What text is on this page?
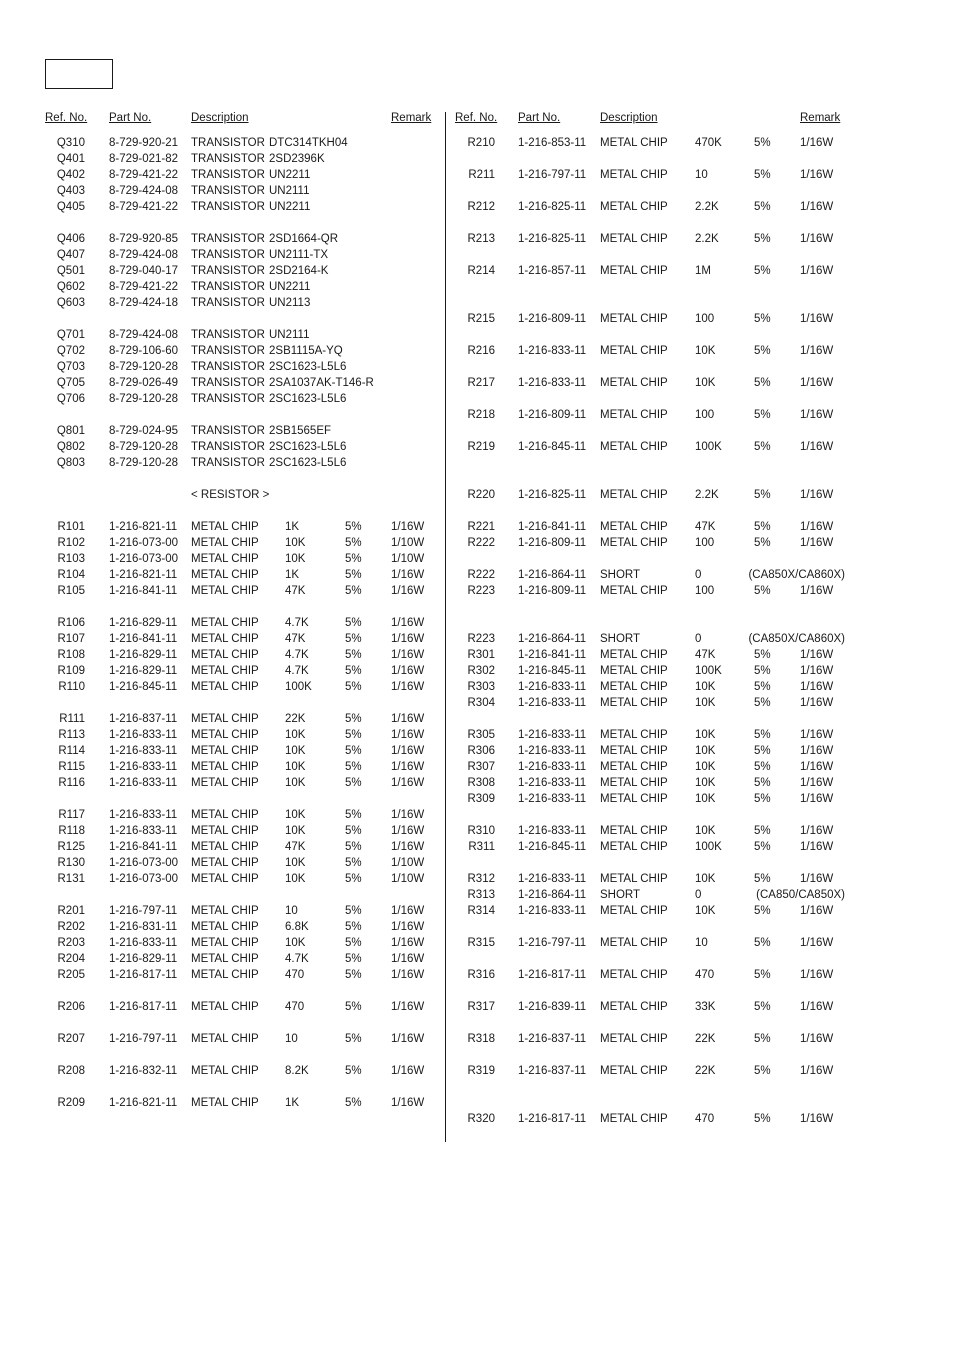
Ref. No. Part No.	Description	Remark Ref. No. Part No.	Description	Remark
Q310 8-729-920-21 TRANSISTOR DTC314TKH04
Q401 8-729-021-82 TRANSISTOR 2SD2396K
Q402 8-729-421-22 TRANSISTOR UN2211
Q403 8-729-424-08 TRANSISTOR UN2111
Q405 8-729-421-22 TRANSISTOR UN2211
Q406 8-729-920-85 TRANSISTOR 2SD1664-QR
Q407 8-729-424-08 TRANSISTOR UN2111-TX
Q501 8-729-040-17 TRANSISTOR 2SD2164-K
Q602 8-729-421-22 TRANSISTOR UN2211
Q603 8-729-424-18 TRANSISTOR UN2113
Q701 8-729-424-08 TRANSISTOR UN2111
Q702 8-729-106-60 TRANSISTOR 2SB1115A-YQ
Q703 8-729-120-28 TRANSISTOR 2SC1623-L5L6
Q705 8-729-026-49 TRANSISTOR 2SA1037AK-T146-R
Q706 8-729-120-28 TRANSISTOR 2SC1623-L5L6
Q801 8-729-024-95 TRANSISTOR 2SB1565EF
Q802 8-729-120-28 TRANSISTOR 2SC1623-L5L6
Q803 8-729-120-28 TRANSISTOR 2SC1623-L5L6
< RESISTOR >
R101 1-216-821-11 METAL CHIP 1K	5%	1/16W
R102 1-216-073-00 METAL CHIP 10K	5%	1/10W
R103 1-216-073-00 METAL CHIP 10K	5%	1/10W
R104 1-216-821-11 METAL CHIP 1K	5%	1/16W
R105 1-216-841-11 METAL CHIP 47K	5%	1/16W
R106 1-216-829-11 METAL CHIP 4.7K	5%	1/16W
R107 1-216-841-11 METAL CHIP 47K	5%	1/16W
R108 1-216-829-11 METAL CHIP 4.7K	5%	1/16W
R109 1-216-829-11 METAL CHIP 4.7K	5%	1/16W
R110 1-216-845-11 METAL CHIP 100K	5%	1/16W
R111 1-216-837-11 METAL CHIP 22K	5%	1/16W
R113 1-216-833-11 METAL CHIP 10K	5%	1/16W
R114 1-216-833-11 METAL CHIP 10K	5%	1/16W
R115 1-216-833-11 METAL CHIP 10K	5%	1/16W
R116 1-216-833-11 METAL CHIP 10K	5%	1/16W
R117 1-216-833-11 METAL CHIP 10K	5%	1/16W
R118 1-216-833-11 METAL CHIP 10K	5%	1/16W
R125 1-216-841-11 METAL CHIP 47K	5%	1/16W
R130 1-216-073-00 METAL CHIP 10K	5%	1/10W
R131 1-216-073-00 METAL CHIP 10K	5%	1/10W
R201 1-216-797-11 METAL CHIP 10	5%	1/16W
R202 1-216-831-11 METAL CHIP 6.8K	5%	1/16W
R203 1-216-833-11 METAL CHIP 10K	5%	1/16W
R204 1-216-829-11 METAL CHIP 4.7K	5%	1/16W
R205 1-216-817-11 METAL CHIP 470	5%	1/16W
R206 1-216-817-11 METAL CHIP 470	5%	1/16W
R207 1-216-797-11 METAL CHIP 10	5%	1/16W
R208 1-216-832-11 METAL CHIP 8.2K	5%	1/16W
R209 1-216-821-11 METAL CHIP 1K	5%	1/16W
R210 1-216-853-11 METAL CHIP 470K	5%	1/16W
R211 1-216-797-11 METAL CHIP 10	5%	1/16W
R212 1-216-825-11 METAL CHIP 2.2K	5%	1/16W
R213 1-216-825-11 METAL CHIP 2.2K	5%	1/16W
R214 1-216-857-11 METAL CHIP 1M	5%	1/16W
R215 1-216-809-11 METAL CHIP 100	5%	1/16W
R216 1-216-833-11 METAL CHIP 10K	5%	1/16W
R217 1-216-833-11 METAL CHIP 10K	5%	1/16W
R218 1-216-809-11 METAL CHIP 100	5%	1/16W
R219 1-216-845-11 METAL CHIP 100K	5%	1/16W
R220 1-216-825-11 METAL CHIP 2.2K	5%	1/16W
R221 1-216-841-11 METAL CHIP 47K	5%	1/16W
R222 1-216-809-11 METAL CHIP 100	5%	1/16W
R222 1-216-864-11 SHORT	0	(CA850X/CA860X)
R223 1-216-809-11 METAL CHIP 100	5%	1/16W
R223 1-216-864-11 SHORT	0	(CA850X/CA860X)
R301 1-216-841-11 METAL CHIP 47K	5%	1/16W
R302 1-216-845-11 METAL CHIP 100K	5%	1/16W
R303 1-216-833-11 METAL CHIP 10K	5%	1/16W
R304 1-216-833-11 METAL CHIP 10K	5%	1/16W
R305 1-216-833-11 METAL CHIP 10K	5%	1/16W
R306 1-216-833-11 METAL CHIP 10K	5%	1/16W
R307 1-216-833-11 METAL CHIP 10K	5%	1/16W
R308 1-216-833-11 METAL CHIP 10K	5%	1/16W
R309 1-216-833-11 METAL CHIP 10K	5%	1/16W
R310 1-216-833-11 METAL CHIP 10K	5%	1/16W
R311 1-216-845-11 METAL CHIP 100K	5%	1/16W
R312 1-216-833-11 METAL CHIP 10K	5%	1/16W
R313 1-216-864-11 SHORT	0	(CA850/CA850X)
R314 1-216-833-11 METAL CHIP 10K	5%	1/16W
R315 1-216-797-11 METAL CHIP 10	5%	1/16W
R316 1-216-817-11 METAL CHIP 470	5%	1/16W
R317 1-216-839-11 METAL CHIP 33K	5%	1/16W
R318 1-216-837-11 METAL CHIP 22K	5%	1/16W
R319 1-216-837-11 METAL CHIP 22K	5%	1/16W
R320 1-216-817-11 METAL CHIP 470	5%	1/16W
